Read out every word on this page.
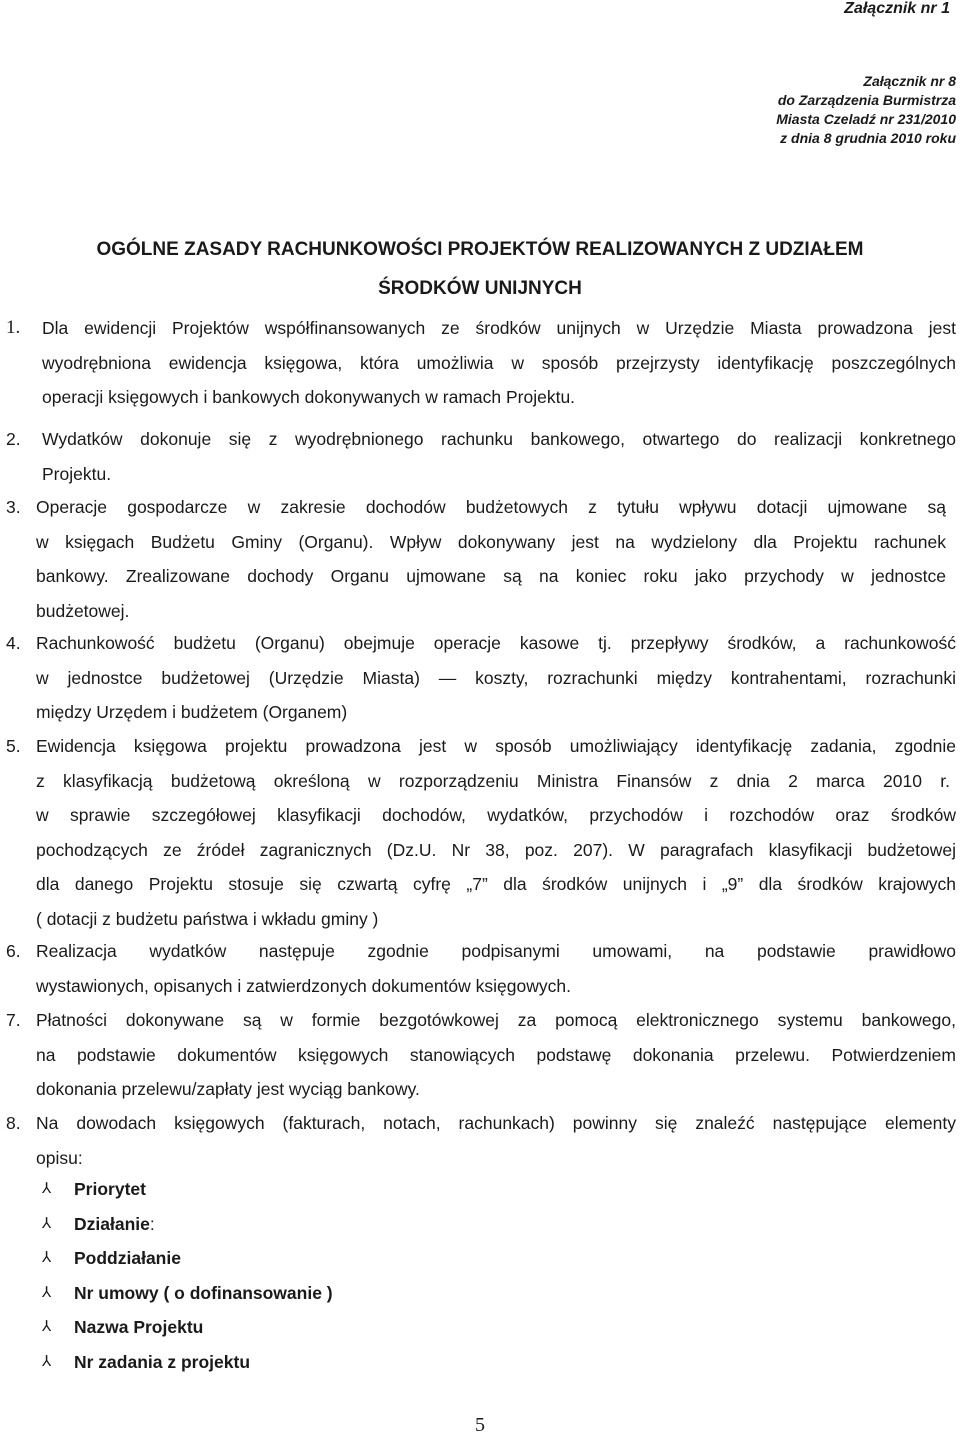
Załącznik nr 1
Załącznik nr 8
do Zarządzenia Burmistrza
Miasta Czeladź nr 231/2010
z dnia 8 grudnia 2010 roku
OGÓLNE ZASADY RACHUNKOWOŚCI PROJEKTÓW REALIZOWANYCH Z UDZIAŁEM
ŚRODKÓW UNIJNYCH
1. Dla ewidencji Projektów współfinansowanych ze środków unijnych w Urzędzie Miasta prowadzona jest
wyodrębniona ewidencja księgowa, która umożliwia w sposób przejrzysty identyfikację poszczególnych
operacji księgowych i bankowych dokonywanych w ramach Projektu.
2. Wydatków dokonuje się z wyodrębnionego rachunku bankowego, otwartego do realizacji konkretnego
Projektu.
3. Operacje gospodarcze w zakresie dochodów budżetowych z tytułu wpływu dotacji ujmowane są
w księgach Budżetu Gminy (Organu). Wpływ dokonywany jest na wydzielony dla Projektu rachunek
bankowy. Zrealizowane dochody Organu ujmowane są na koniec roku jako przychody w jednostce
budżetowej.
4. Rachunkowość budżetu (Organu) obejmuje operacje kasowe tj. przepływy środków, a rachunkowość
w jednostce budżetowej (Urzędzie Miasta) — koszty, rozrachunki między kontrahentami, rozrachunki
między Urzędem i budżetem (Organem)
5. Ewidencja księgowa projektu prowadzona jest w sposób umożliwiający identyfikację zadania, zgodnie
z klasyfikacją budżetową określoną w rozporządzeniu Ministra Finansów z dnia 2 marca 2010 r.
w sprawie szczegółowej klasyfikacji dochodów, wydatków, przychodów i rozchodów oraz środków
pochodzących ze źródeł zagranicznych (Dz.U. Nr 38, poz. 207). W paragrafach klasyfikacji budżetowej
dla danego Projektu stosuje się czwartą cyfrę „7” dla środków unijnych i „9” dla środków krajowych
( dotacji z budżetu państwa i wkładu gminy )
6. Realizacja wydatków następuje zgodnie podpisanymi umowami, na podstawie prawidłowo
wystawionych, opisanych i zatwierdzonych dokumentów księgowych.
7. Płatności dokonywane są w formie bezgotówkowej za pomocą elektronicznego systemu bankowego,
na podstawie dokumentów księgowych stanowiących podstawę dokonania przelewu. Potwierdzeniem
dokonania przelewu/zapłaty jest wyciąg bankowy.
8. Na dowodach księgowych (fakturach, notach, rachunkach) powinny się znaleźć następujące elementy
opisu:
⅄ Priorytet
⅄ Działanie:
⅄ Poddziałanie
⅄ Nr umowy ( o dofinansowanie )
⅄ Nazwa Projektu
⅄ Nr zadania z projektu
5
